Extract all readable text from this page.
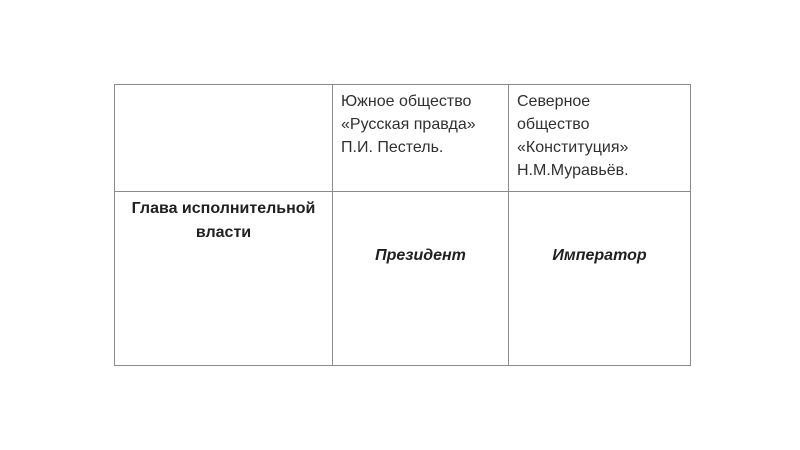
	Южное общество
«Русская правда»
П.И. Пестель.	Северное
общество
«Конституция»
Н.М.Муравьёв.

Глава исполнительной
власти	Президент	Император
